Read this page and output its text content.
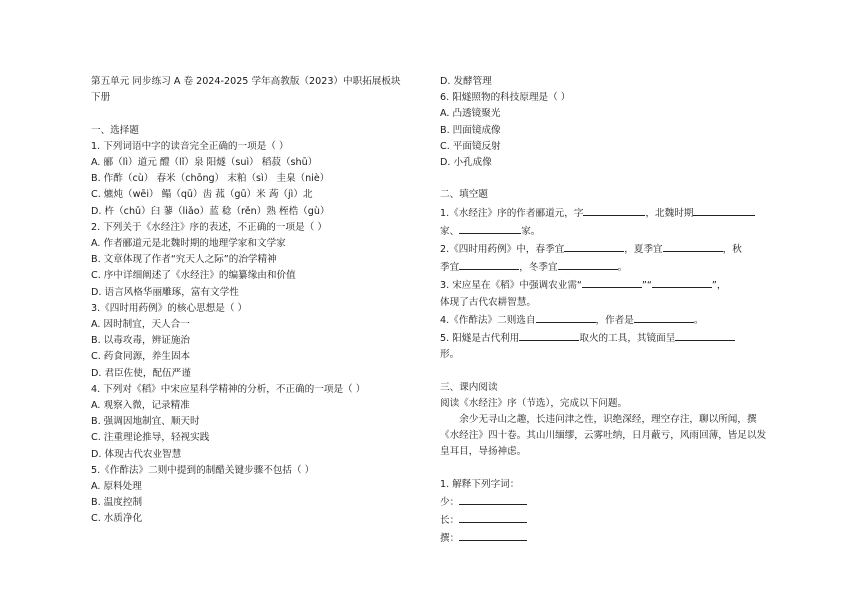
第五单元 同步练习 A 卷 2024-2025 学年高教版（2023）中职拓展板块
下册
一、选择题
1. 下列词语中字的读音完全正确的一项是（ ）
A. 郦（lì）道元 醴（lǐ）泉 阳燧（suì） 稻菽（shū）
B. 作酢（cù） 春米（chōng） 末粕（sì） 圭臬（niè）
C. 爊炖（wēi） 鳎（qū）齿 菰（gū）米 蒟（jì）北
D. 杵（chǔ）臼 蓼（liǎo）蓝 稔（rěn）熟 桎梏（gù）
2. 下列关于《水经注》序的表述，不正确的一项是（ ）
A. 作者郦道元是北魏时期的地理学家和文学家
B. 文章体现了作者“究天人之际”的治学精神
C. 序中详细阐述了《水经注》的编纂缘由和价值
D. 语言风格华丽雕琢，富有文学性
3.《四时用药例》的核心思想是（ ）
A. 因时制宜，天人合一
B. 以毒攻毒，辨证施治
C. 药食同源，养生固本
D. 君臣佐使，配伍严谨
4. 下列对《稻》中宋应星科学精神的分析，不正确的一项是（ ）
A. 观察入微，记录精准
B. 强调因地制宜、顺天时
C. 注重理论推导，轻视实践
D. 体现古代农业智慧
5.《作酢法》二则中提到的制醋关键步骤不包括（ ）
A. 原料处理
B. 温度控制
C. 水质净化
D. 发酵管理
6. 阳燧照物的科技原理是（ ）
A. 凸透镜聚光
B. 凹面镜成像
C. 平面镜反射
D. 小孔成像
二、填空题
1.《水经注》序的作者郦道元，字	，北魏时期
家、	家。
2.《四时用药例》中，春季宜	，夏季宜	，秋
季宜	，冬季宜	。
3. 宋应星在《稻》中强调农业需“	”“	”，
体现了古代农耕智慧。
4.《作酢法》二则选自	，作者是	。
5. 阳燧是古代利用	取火的工具，其镜面呈
形。
三、课内阅读
阅读《水经注》序（节选），完成以下问题。
余少无寻山之趣，长违问津之性，识绝深经，理空存注，聊以所闻，撰《水经注》四十卷。其山川缅缪，云雾吐纳，日月蔽亏，风雨回薄，皆足以发皇耳目，导扬神虑。
1. 解释下列字词：
少：
长：
撰：
